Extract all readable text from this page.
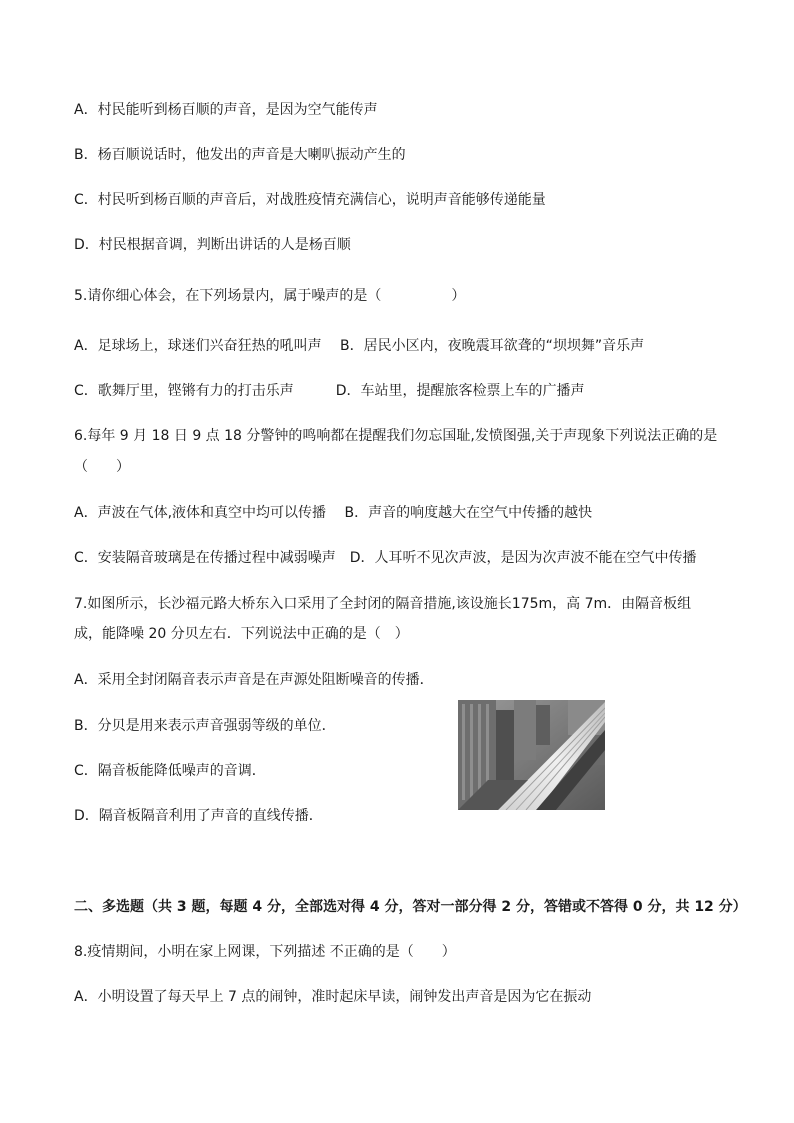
A．村民能听到杨百顺的声音，是因为空气能传声
B．杨百顺说话时，他发出的声音是大喇叭振动产生的
C．村民听到杨百顺的声音后，对战胜疫情充满信心，说明声音能够传递能量
D．村民根据音调，判断出讲话的人是杨百顺
5.请你细心体会，在下列场景内，属于噪声的是（　　　　　）
A．足球场上，球迷们兴奋狂热的吼叫声　 B．居民小区内，夜晚震耳欲聋的“坝坝舞”音乐声
C．歌舞厅里，铿锵有力的打击乐声　　　D．车站里，提醒旅客检票上车的广播声
6.每年 9 月 18 日 9 点 18 分警钟的鸣响都在提醒我们勿忘国耻,发愤图强,关于声现象下列说法正确的是
（　　）
A．声波在气体,液体和真空中均可以传播　 B．声音的响度越大在空气中传播的越快
C．安装隔音玻璃是在传播过程中减弱噪声　D．人耳听不见次声波，是因为次声波不能在空气中传播
7.如图所示，长沙福元路大桥东入口采用了全封闭的隔音措施,该设施长175m，高 7m．由隔音板组
成，能降噪 20 分贝左右．下列说法中正确的是（　）
A．采用全封闭隔音表示声音是在声源处阻断噪音的传播．
B．分贝是用来表示声音强弱等级的单位．
C．隔音板能降低噪声的音调．
D．隔音板隔音利用了声音的直线传播．
二、多选题（共 3 题，每题 4 分，全部选对得 4 分，答对一部分得 2 分，答错或不答得 0 分，共 12 分）
8.疫情期间，小明在家上网课，下列描述 不正确的是（　　）
A．小明设置了每天早上 7 点的闹钟，准时起床早读，闹钟发出声音是因为它在振动
